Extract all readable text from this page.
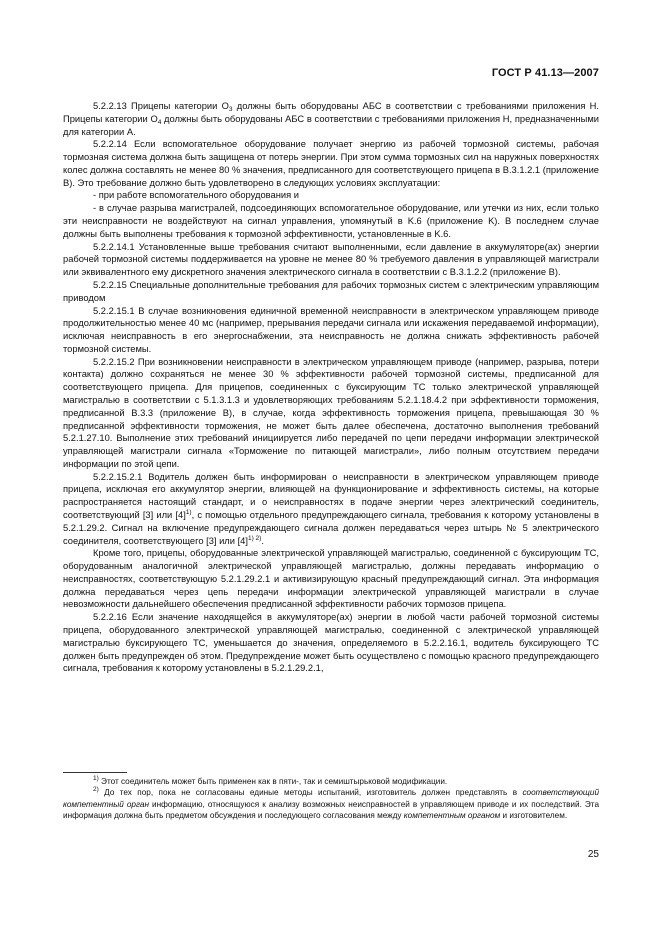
ГОСТ Р 41.13—2007

5.2.2.13 Прицепы категории $O_3$ должны быть оборудованы АБС в соответствии с требованиями приложения H. Прицепы категории $O_4$ должны быть оборудованы АБС в соответствии с требованиями приложения H, предназначенными для категории A.

5.2.2.14 Если вспомогательное оборудование получает энергию из рабочей тормозной системы, рабочая тормозная система должна быть защищена от потерь энергии. При этом сумма тормозных сил на наружных поверхностях колес должна составлять не менее 80 % значения, предписанного для соответствующего прицепа в В.3.1.2.1 (приложение В). Это требование должно быть удовлетворено в следующих условиях эксплуатации:

- при работе вспомогательного оборудования и

- в случае разрыва магистралей, подсоединяющих вспомогательное оборудование, или утечки из них, если только эти неисправности не воздействуют на сигнал управления, упомянутый в K.6 (приложение K). В последнем случае должны быть выполнены требования к тормозной эффективности, установленные в K.6.

5.2.2.14.1 Установленные выше требования считают выполненными, если давление в аккумуляторе(ах) энергии рабочей тормозной системы поддерживается на уровне не менее 80 % требуемого давления в управляющей магистрали или эквивалентного ему дискретного значения электрического сигнала в соответствии с В.3.1.2.2 (приложение В).

5.2.2.15 Специальные дополнительные требования для рабочих тормозных систем с электрическим управляющим приводом

5.2.2.15.1 В случае возникновения единичной временной неисправности в электрическом управляющем приводе продолжительностью менее 40 мс (например, прерывания передачи сигнала или искажения передаваемой информации), исключая неисправность в его энергоснабжении, эта неисправность не должна снижать эффективность рабочей тормозной системы.

5.2.2.15.2 При возникновении неисправности в электрическом управляющем приводе (например, разрыва, потери контакта) должно сохраняться не менее 30 % эффективности рабочей тормозной системы, предписанной для соответствующего прицепа. Для прицепов, соединенных с буксирующим ТС только электрической управляющей магистралью в соответствии с 5.1.3.1.3 и удовлетворяющих требованиям 5.2.1.18.4.2 при эффективности торможения, предписанной В.3.3 (приложение В), в случае, когда эффективность торможения прицепа, превышающая 30 % предписанной эффективности торможения, не может быть далее обеспечена, достаточно выполнения требований 5.2.1.27.10. Выполнение этих требований инициируется либо передачей по цепи передачи информации электрической управляющей магистрали сигнала «Торможение по питающей магистрали», либо полным отсутствием передачи информации по этой цепи.

5.2.2.15.2.1 Водитель должен быть информирован о неисправности в электрическом управляющем приводе прицепа, исключая его аккумулятор энергии, влияющей на функционирование и эффективность системы, на которые распространяется настоящий стандарт, и о неисправностях в подаче энергии через электрический соединитель, соответствующий [3] или $[4]^{1)}$, с помощью отдельного предупреждающего сигнала, требования к которому установлены в 5.2.1.29.2. Сигнал на включение предупреждающего сигнала должен передаваться через штырь № 5 электрического соединителя, соответствующего [3] или $[4]^{1) 2)}$.

Кроме того, прицепы, оборудованные электрической управляющей магистралью, соединенной с буксирующим ТС, оборудованным аналогичной электрической управляющей магистралью, должны передавать информацию о неисправностях, соответствующую 5.2.1.29.2.1 и активизирующую красный предупреждающий сигнал. Эта информация должна передаваться через цепь передачи информации электрической управляющей магистрали в случае невозможности дальнейшего обеспечения предписанной эффективности рабочих тормозов прицепа.

5.2.2.16 Если значение находящейся в аккумуляторе(ах) энергии в любой части рабочей тормозной системы прицепа, оборудованного электрической управляющей магистралью, соединенной с электрической управляющей магистралью буксирующего ТС, уменьшается до значения, определяемого в 5.2.2.16.1, водитель буксирующего ТС должен быть предупрежден об этом. Предупреждение может быть осуществлено с помощью красного предупреждающего сигнала, требования к которому установлены в 5.2.1.29.2.1,

$^{1)}$ Этот соединитель может быть применен как в пяти-, так и семиштырьковой модификации.

$^{2)}$ До тех пор, пока не согласованы единые методы испытаний, изготовитель должен представлять в соответствующий компетентный орган информацию, относящуюся к анализу возможных неисправностей в управляющем приводе и их последствий. Эта информация должна быть предметом обсуждения и последующего согласования между компетентным органом и изготовителем.

25
